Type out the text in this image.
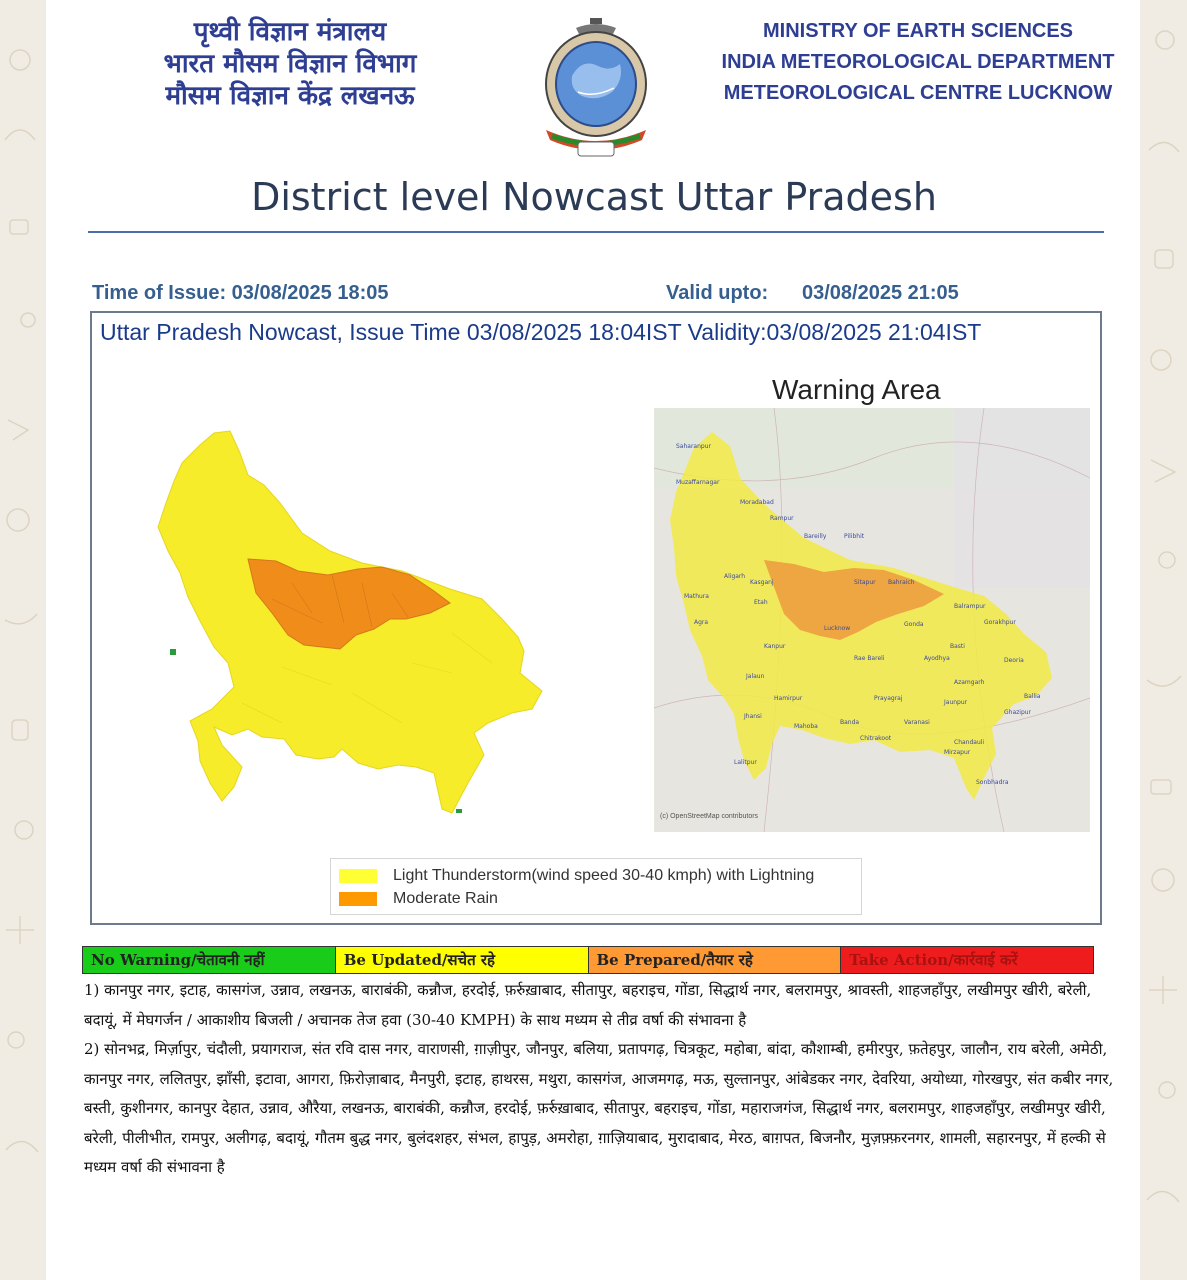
पृथ्वी विज्ञान मंत्रालय
भारत मौसम विज्ञान विभाग
मौसम विज्ञान केंद्र लखनऊ
MINISTRY OF EARTH SCIENCES
INDIA METEOROLOGICAL DEPARTMENT
METEOROLOGICAL CENTRE LUCKNOW
District level Nowcast Uttar Pradesh
Time of Issue: 03/08/2025 18:05	Valid upto: 03/08/2025 21:05
Uttar Pradesh Nowcast, Issue Time 03/08/2025 18:04IST Validity:03/08/2025 21:04IST
Warning Area
Saharanpur
Muzaffarnagar
Moradabad
Rampur
Bareilly	Pilibhit
Aligarh
Kasganj	Sitapur Bahraich
Mathura
Etah
Balrampur
Agra
Lucknow
Gonda	Gorakhpur
Basti
Kanpur
Rae Bareli	Ayodhya	Deoria
Jalaun
Azamgarh
Ballia
Hamirpur	Prayagraj
Jaunpur
Ghazipur
Jhansi
Mahoba
Banda	Varanasi
Chitrakoot
Chandauli
Mirzapur
Lalitpur
Sonbhadra
(c) OpenStreetMap contributors
Light Thunderstorm(wind speed 30-40 kmph) with Lightning
Moderate Rain
No Warning/चेतावनी नहीं	Be Updated/सचेत रहे	Be Prepared/तैयार रहे	Take Action/कार्रवाई करें

1) कानपुर नगर, इटाह, कासगंज, उन्नाव, लखनऊ, बाराबंकी, कन्नौज, हरदोई, फ़र्रुख़ाबाद, सीतापुर, बहराइच, गोंडा, सिद्धार्थ नगर, बलरामपुर, श्रावस्ती, शाहजहाँपुर, लखीमपुर खीरी, बरेली, बदायूं, में मेघगर्जन / आकाशीय बिजली / अचानक तेज हवा (30-40 KMPH) के साथ मध्यम से तीव्र वर्षा की संभावना है

2) सोनभद्र, मिर्ज़ापुर, चंदौली, प्रयागराज, संत रवि दास नगर, वाराणसी, ग़ाज़ीपुर, जौनपुर, बलिया, प्रतापगढ़, चित्रकूट, महोबा, बांदा, कौशाम्बी, हमीरपुर, फ़तेहपुर, जालौन, राय बरेली, अमेठी, कानपुर नगर, ललितपुर, झाँसी, इटावा, आगरा, फ़िरोज़ाबाद, मैनपुरी, इटाह, हाथरस, मथुरा, कासगंज, आजमगढ़, मऊ, सुल्तानपुर, आंबेडकर नगर, देवरिया, अयोध्या, गोरखपुर, संत कबीर नगर, बस्ती, कुशीनगर, कानपुर देहात, उन्नाव, औरैया, लखनऊ, बाराबंकी, कन्नौज, हरदोई, फ़र्रुख़ाबाद, सीतापुर, बहराइच, गोंडा, महाराजगंज, सिद्धार्थ नगर, बलरामपुर, शाहजहाँपुर, लखीमपुर खीरी, बरेली, पीलीभीत, रामपुर, अलीगढ़, बदायूं, गौतम बुद्ध नगर, बुलंदशहर, संभल, हापुड़, अमरोहा, ग़ाज़ियाबाद, मुरादाबाद, मेरठ, बाग़पत, बिजनौर, मुज़फ़्फ़रनगर, शामली, सहारनपुर, में हल्की से मध्यम वर्षा की संभावना है
